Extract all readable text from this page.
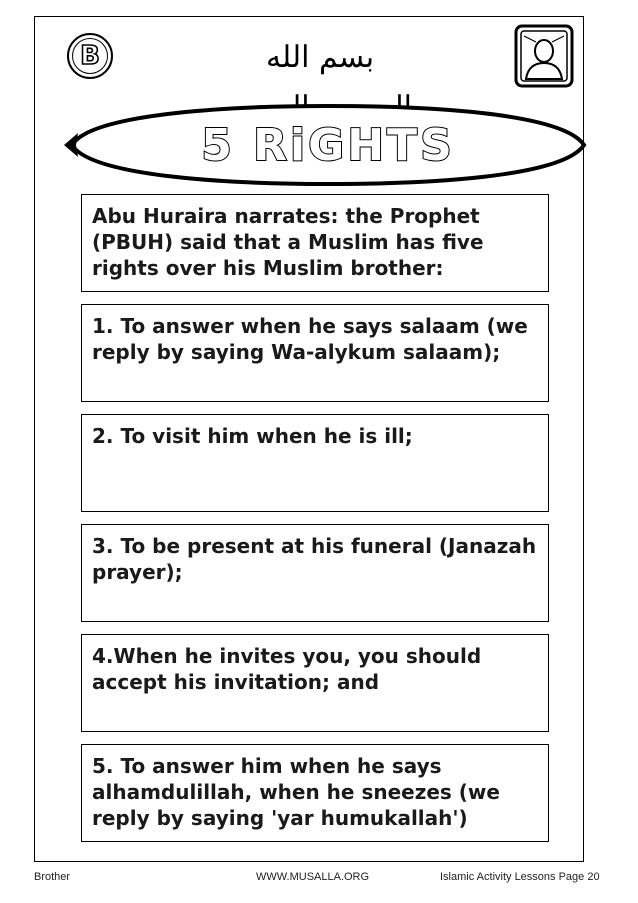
B	بسم الله
5 RiGHTS
Abu Huraira narrates: the Prophet (PBUH) said that a Muslim has five rights over his Muslim brother:
1. To answer when he says salaam (we reply by saying Wa-alykum salaam);
2. To visit him when he is ill;
3. To be present at his funeral (Janazah prayer);
4.When he invites you, you should accept his invitation; and
5. To answer him when he says alhamdulillah, when he sneezes (we reply by saying 'yar humukallah')
Brother	WWW.MUSALLA.ORG	Islamic Activity Lessons Page 20
